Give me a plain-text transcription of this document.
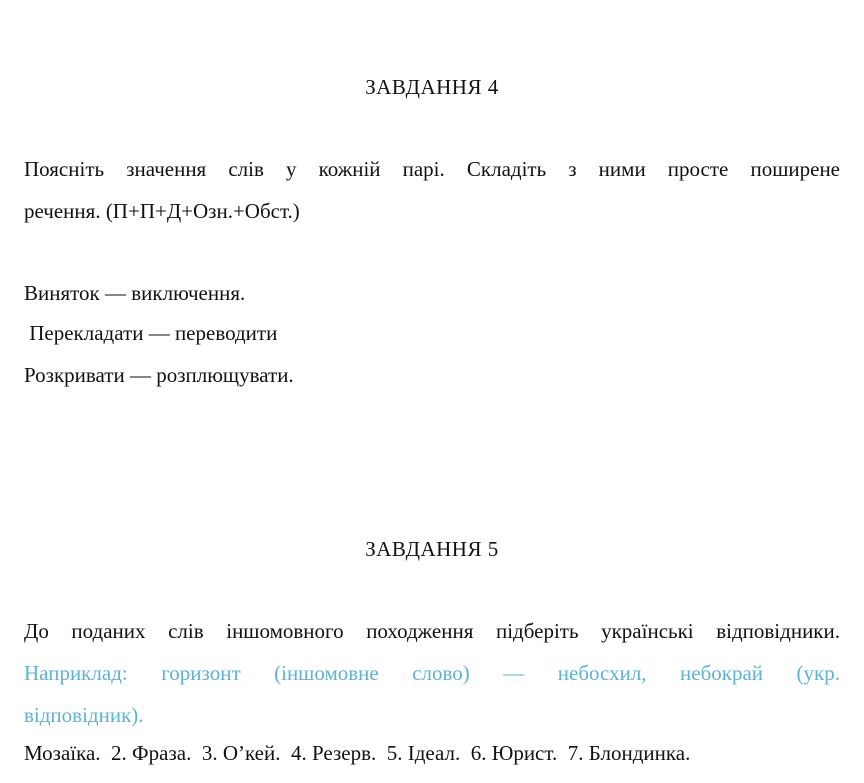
ЗАВДАННЯ 4
Поясніть значення слів у кожній парі. Складіть з ними просте поширене
речення. (П+П+Д+Озн.+Обст.)

Виняток — виключення.

Перекладати — переводити

Розкривати — розплющувати.

ЗАВДАННЯ 5
До поданих слів іншомовного походження підберіть українські відповідники.
Наприклад: горизонт (іншомовне слово) — небосхил, небокрай (укр.
відповідник).

Мозаїка.  2. Фраза.  3. О’кей.  4. Резерв.  5. Ідеал.  6. Юрист.  7. Блондинка.
